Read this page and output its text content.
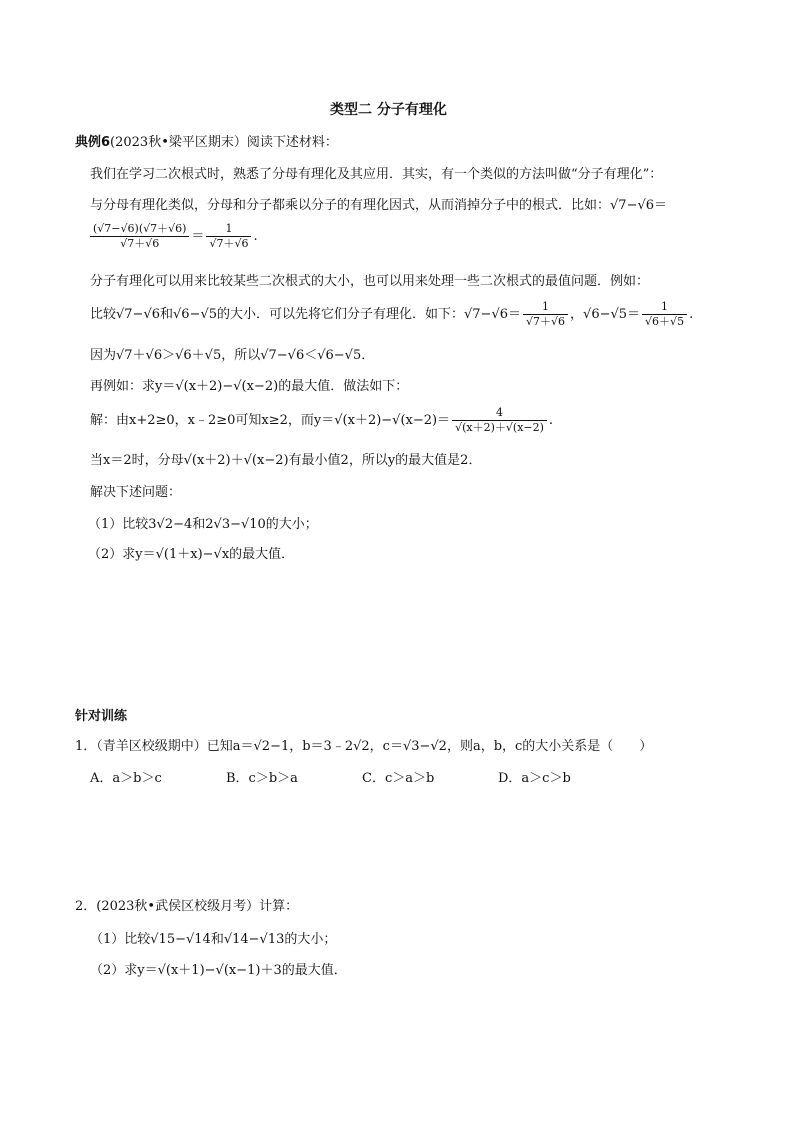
类型二 分子有理化
典例6(2023秋•梁平区期末）阅读下述材料：
我们在学习二次根式时，熟悉了分母有理化及其应用．其实，有一个类似的方法叫做“分子有理化”：
与分母有理化类似，分母和分子都乘以分子的有理化因式，从而消掉分子中的根式．比如：√7−√6＝
$\frac{(√7-√6)(√7+√6)}{√7+√6} = \frac{1}{√7+√6}$ .
分子有理化可以用来比较某些二次根式的大小，也可以用来处理一些二次根式的最值问题．例如：
比较√7−√6和√6−√5的大小．可以先将它们分子有理化．如下：$√7-√6= \frac{1}{√7+√6}$ ，$√6-√5= \frac{1}{√6+√5}$ .
因为√7＋√6＞√6＋√5，所以√7−√6＜√6−√5．
再例如：求y＝√(x＋2)−√(x−2)的最大值．做法如下：
解：由x+2≥0，x﹣2≥0可知x≥2，而$y=√(x+2)-√(x-2)= \frac{4}{√(x+2)+√(x-2)}$ .
当x＝2时，分母√(x＋2)＋√(x−2)有最小值2，所以y的最大值是2．
解决下述问题：
（1）比较3√2−4和2√3−√10的大小；
（2）求y＝√(1＋x)−√x的最大值．
针对训练
1．（青羊区校级期中）已知a＝√2−1，b＝3﹣2√2，c＝√3−√2，则a，b，c的大小关系是（　　）
A．a＞b＞c	B．c＞b＞a	C．c＞a＞b	D．a＞c＞b
2．(2023秋•武侯区校级月考）计算：
（1）比较√15−√14和√14−√13的大小；
（2）求y＝√(x＋1)−√(x−1)＋3的最大值．
